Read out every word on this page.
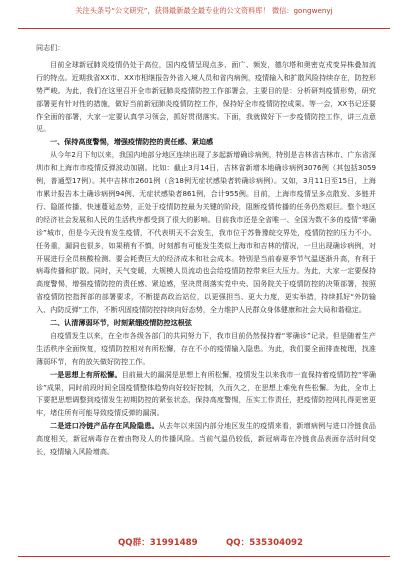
关注头条号“公文研究”，获得最新最全最专业的公文资料库！ 微信：gongwenyj

同志们：

目前全球新冠肺炎疫情仍处于高位，国内疫情呈现点多、面广、频发，德尔塔和奥密克戎变异株叠加流行的特点。近期我省XX市、XX市相继报告外省入境人员和省内病例，疫情输入和扩散风险持续存在，防控形势严峻。为此，我们在这里召开全市新冠肺炎疫情防控工作部署会，主要目的是：分析研判疫情形势，研究部署更有针对性的措施，做好当前新冠肺炎疫情防控工作，保持好全市疫情防控成果。等一会，XX书记还要作全面的部署，大家一定要认真学习领会，抓好贯彻落实。下面，我就做好下一步疫情防控工作，讲三点意见。

一、保持高度警惕，增强疫情防控的责任感、紧迫感

从今年2月下旬以来，我国内地部分地区连续出现了多起新增确诊病例，特别是吉林省吉林市、广东省深圳市和上海市市疫情反弹波动加剧。比如：截止3月14日，吉林省新增本地确诊病例3076例（其包括3059例，普通型17例）。其中吉林市2601例（含18例无症状感染者转确诊病例）。又如，3月11日至15日，上海市累计报告本土确诊病例94例、无症状感染者861例，合计955例。目前，上海市疫情呈多点散发、多链并行、隐匿传播、快速蔓延态势，正处于疫情防控最为关键的阶段，阻断疫情传播的任务仍然艰巨。整个地区的经济社会发展和人民的生活秩序都受到了很大的影响。目前我市还是全省唯一、全国为数不多的疫情“零确诊”城市，但是今天没有发生疫情，不代表明天不会发生，我市位于苏鲁豫皖交界处，疫情防控的压力不小。任务重，漏洞也很多，如果稍有不慎，时刻都有可能发生类似上海市和吉林的情况，一旦出现确诊病例，对开展进行全员核酸检测、要会耗费巨大的经济成本和社会成本。特别是当前春夏季节气温逐渐升高，有利于病毒传播和扩散。同时，天气变暖，大规模人员流动也会给疫情防控带来巨大压力。为此，大家一定要保持高度警惕，增强疫情防控的责任感、紧迫感，坚决贯彻落实党中央、国务院关于疫情防控的决策部署，按照省疫情防控指挥部的部署要求，不断提高政治站位，以更强担当、更大力度，更实举措，持续抓好“外防输入、内防反弹”工作，不断巩固疫情防控持续向好态势，全力维护人民群众身体健康和社会大局和谐稳定。

二、认清薄弱环节，时刻紧绷疫情防控这根弦

自疫情发生以来，在全市各级各部门的共同努力下，我市目前仍然保持着“零确诊”记录。但是随着生产生活秩序全面恢复，疫情防控相对有所松懈，存在不小的疫情输入隐患。为此，我们要全面排查梳理，找准薄弱环节，有的放矢做好防控工作。

一是思想上有所松懈。目前最大的漏洞是思想上有所松懈，疫情发生以来我市一直保持着疫情防控“零确诊”成果，同时前段时间全国疫情整体趋势向好较好控制，久而久之，在思想上难免有些松懈。为此，全市上下要把思想调整到疫情发生初期防控的紧张状态，保持高度警惕，压实工作责任，把疫情防控网扎得更密更牢，堵住所有可能导致疫情反弹的漏洞。

二是进口冷链产品存在风险隐患。从去年以来国内部分地区发生的疫情来看，新增病例与进口冷链食品高度相关，新冠病毒存在着由物及人的传播风险。当前气温仍较低，新冠病毒在冷链食品表面存活时间变长，疫情输入风险增高。

QQ群：31991489	QQ：535304092
